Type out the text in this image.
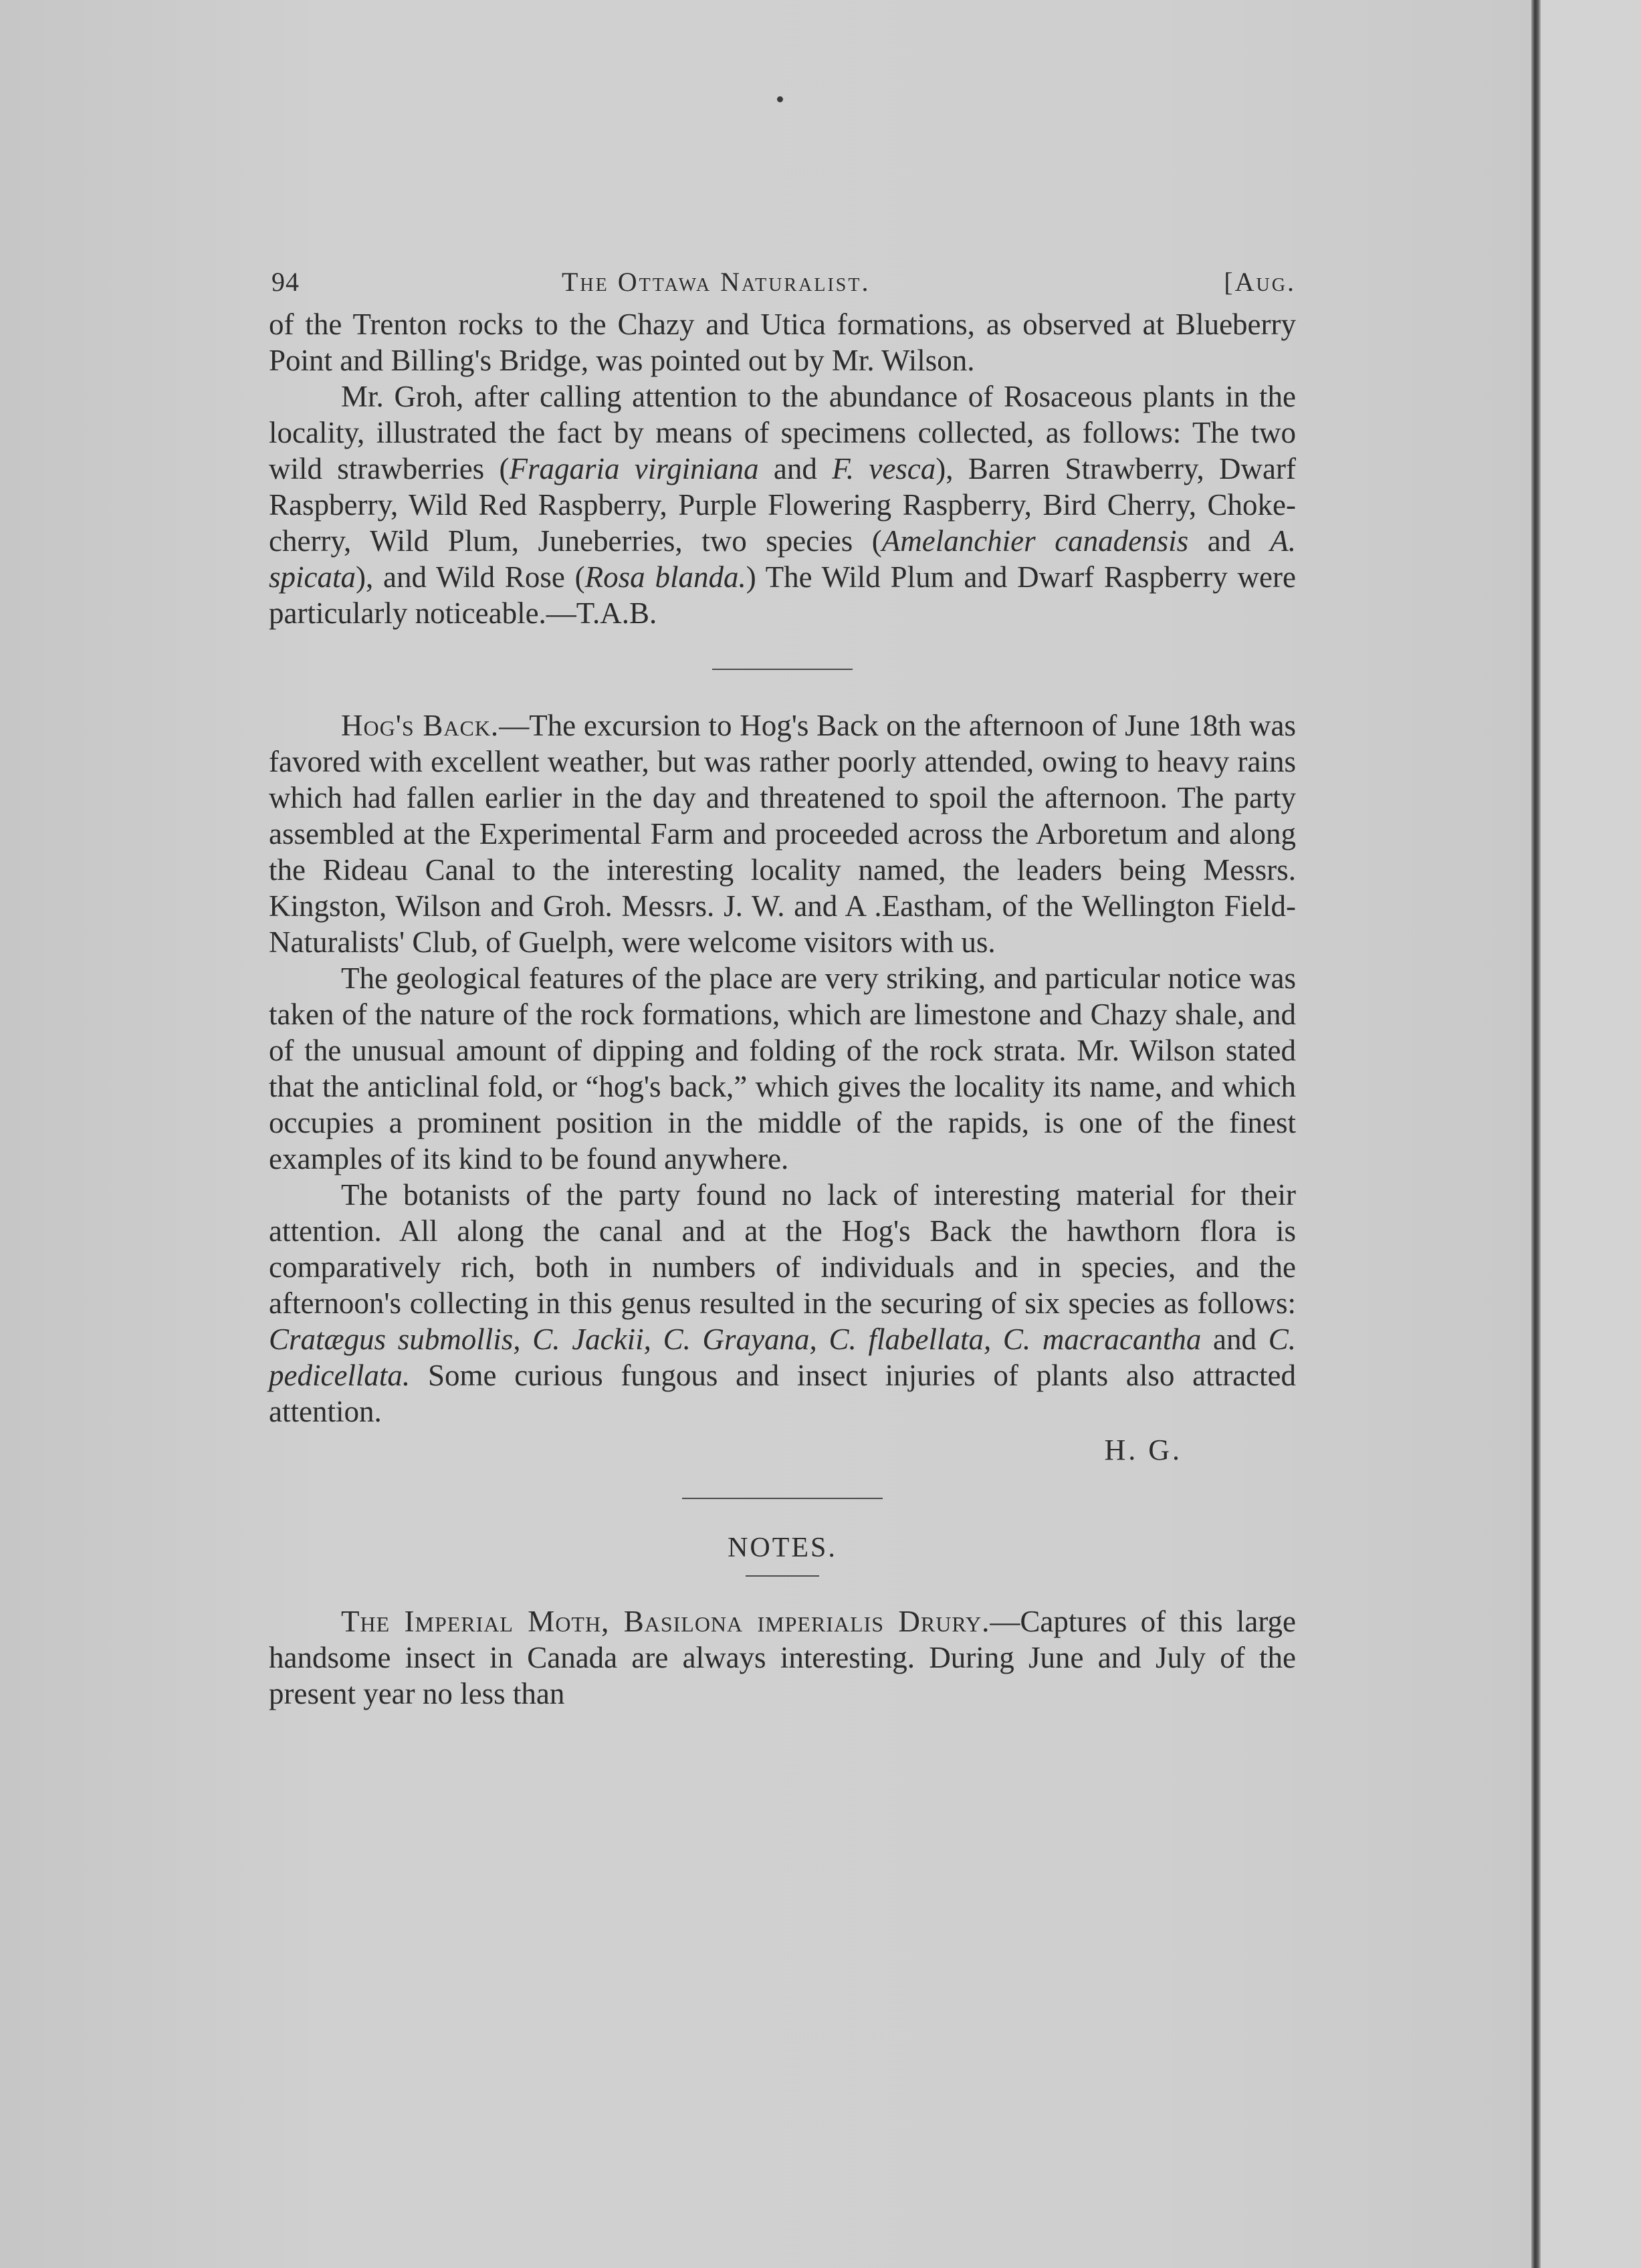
94	The Ottawa Naturalist.	[Aug.

of the Trenton rocks to the Chazy and Utica formations, as observed at Blueberry Point and Billing's Bridge, was pointed out by Mr. Wilson.

Mr. Groh, after calling attention to the abundance of Rosaceous plants in the locality, illustrated the fact by means of specimens collected, as follows: The two wild strawberries (Fragaria virginiana and F. vesca), Barren Strawberry, Dwarf Raspberry, Wild Red Raspberry, Purple Flowering Raspberry, Bird Cherry, Choke-cherry, Wild Plum, Juneberries, two species (Amelanchier canadensis and A. spicata), and Wild Rose (Rosa blanda.) The Wild Plum and Dwarf Raspberry were particularly noticeable.—T.A.B.

Hog's Back.—The excursion to Hog's Back on the afternoon of June 18th was favored with excellent weather, but was rather poorly attended, owing to heavy rains which had fallen earlier in the day and threatened to spoil the afternoon. The party assembled at the Experimental Farm and proceeded across the Arboretum and along the Rideau Canal to the interesting locality named, the leaders being Messrs. Kingston, Wilson and Groh. Messrs. J. W. and A .Eastham, of the Wellington Field-Naturalists' Club, of Guelph, were welcome visitors with us.

The geological features of the place are very striking, and particular notice was taken of the nature of the rock formations, which are limestone and Chazy shale, and of the unusual amount of dipping and folding of the rock strata. Mr. Wilson stated that the anticlinal fold, or “hog's back,” which gives the locality its name, and which occupies a prominent position in the middle of the rapids, is one of the finest examples of its kind to be found anywhere.

The botanists of the party found no lack of interesting material for their attention. All along the canal and at the Hog's Back the hawthorn flora is comparatively rich, both in numbers of individuals and in species, and the afternoon's collecting in this genus resulted in the securing of six species as follows: Cratægus submollis, C. Jackii, C. Grayana, C. flabellata, C. macracantha and C. pedicellata. Some curious fungous and insect injuries of plants also attracted attention.

H. G.
NOTES.

The Imperial Moth, Basilona imperialis Drury.—Captures of this large handsome insect in Canada are always interesting. During June and July of the present year no less than
